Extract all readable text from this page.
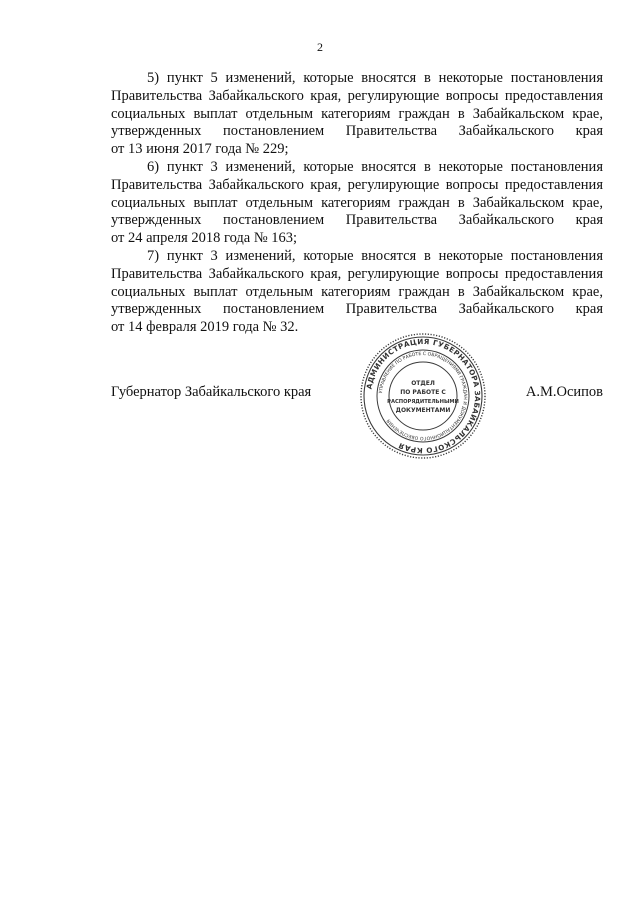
2
5) пункт 5 изменений, которые вносятся в некоторые постановления
Правительства Забайкальского края, регулирующие вопросы предоставления
социальных выплат отдельным категориям граждан в Забайкальском крае,
утвержденных постановлением Правительства Забайкальского края
от 13 июня 2017 года № 229;
6) пункт 3 изменений, которые вносятся в некоторые постановления
Правительства Забайкальского края, регулирующие вопросы предоставления
социальных выплат отдельным категориям граждан в Забайкальском крае,
утвержденных постановлением Правительства Забайкальского края
от 24 апреля 2018 года № 163;
7) пункт 3 изменений, которые вносятся в некоторые постановления
Правительства Забайкальского края, регулирующие вопросы предоставления
социальных выплат отдельным категориям граждан в Забайкальском крае,
утвержденных постановлением Правительства Забайкальского края
от 14 февраля 2019 года № 32.
Губернатор Забайкальского края	А.М.Осипов
АДМИНИСТРАЦИЯ ГУБЕРНАТОРА ЗАБАЙКАЛЬСКОГО КРАЯ
УПРАВЛЕНИЕ ПО РАБОТЕ С ОБРАЩЕНИЯМИ ГРАЖДАН И ДОКУМЕНТАЦИОННОГО ОБЕСПЕЧЕНИЯ
ОТДЕЛ
ПО РАБОТЕ С
РАСПОРЯДИТЕЛЬНЫМИ
ДОКУМЕНТАМИ
